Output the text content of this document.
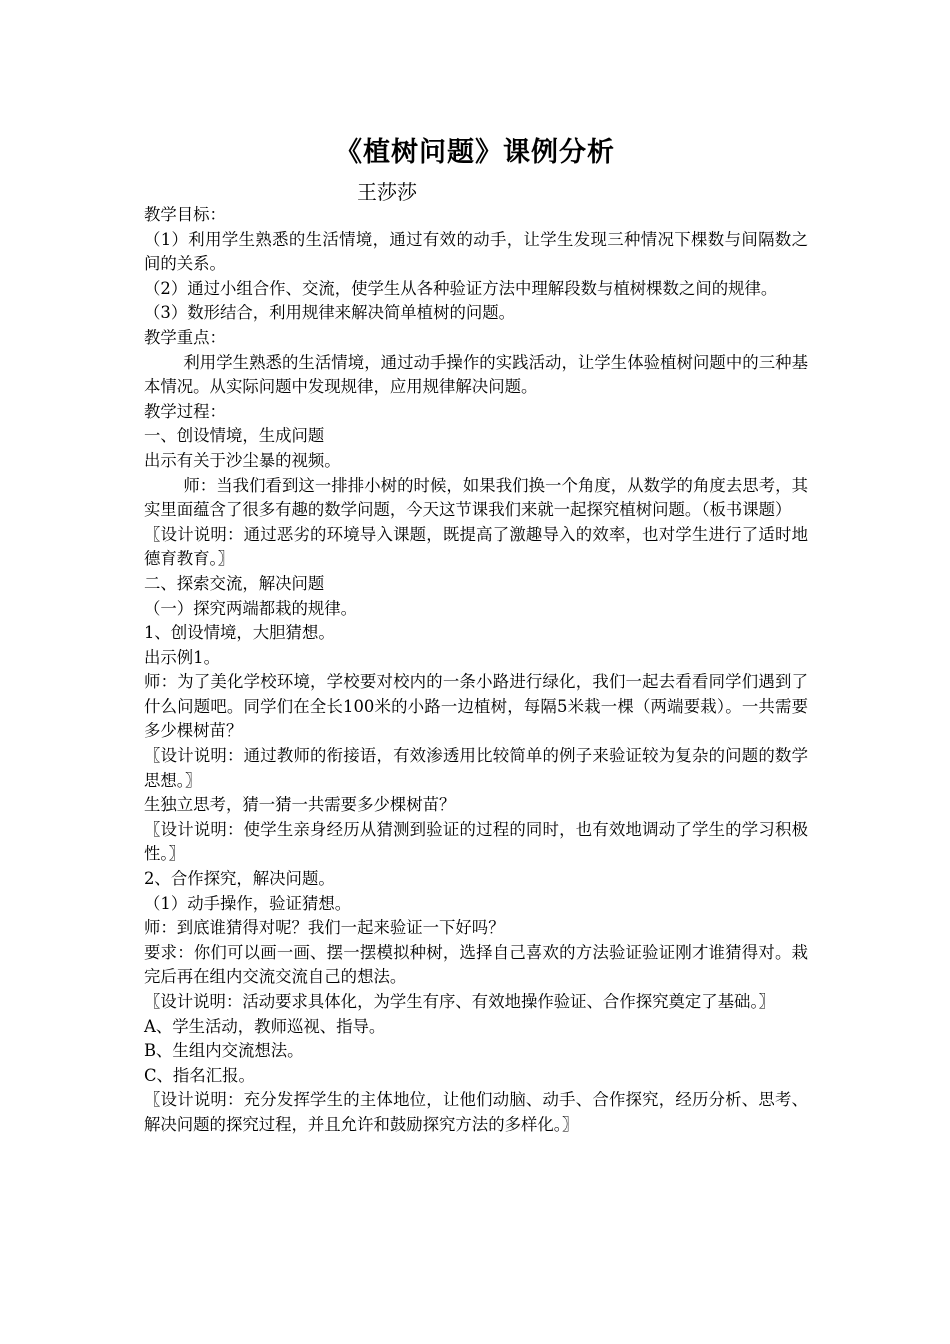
《植树问题》课例分析
王莎莎

教学目标：

（1）利用学生熟悉的生活情境，通过有效的动手，让学生发现三种情况下棵数与间隔数之间的关系。

（2）通过小组合作、交流，使学生从各种验证方法中理解段数与植树棵数之间的规律。

（3）数形结合，利用规律来解决简单植树的问题。

教学重点：

利用学生熟悉的生活情境，通过动手操作的实践活动，让学生体验植树问题中的三种基本情况。从实际问题中发现规律，应用规律解决问题。

教学过程：

一、创设情境，生成问题

出示有关于沙尘暴的视频。

师：当我们看到这一排排小树的时候，如果我们换一个角度，从数学的角度去思考，其实里面蕴含了很多有趣的数学问题，今天这节课我们来就一起探究植树问题。（板书课题）

〖设计说明：通过恶劣的环境导入课题，既提高了激趣导入的效率，也对学生进行了适时地德育教育。〗

二、探索交流，解决问题

（一）探究两端都栽的规律。

1、创设情境，大胆猜想。

出示例1。

师：为了美化学校环境，学校要对校内的一条小路进行绿化，我们一起去看看同学们遇到了什么问题吧。同学们在全长100米的小路一边植树，每隔5米栽一棵（两端要栽）。一共需要多少棵树苗？

〖设计说明：通过教师的衔接语，有效渗透用比较简单的例子来验证较为复杂的问题的数学思想。〗

生独立思考，猜一猜一共需要多少棵树苗？

〖设计说明：使学生亲身经历从猜测到验证的过程的同时，也有效地调动了学生的学习积极性。〗

2、合作探究，解决问题。

（1）动手操作，验证猜想。

师：到底谁猜得对呢？我们一起来验证一下好吗？

要求：你们可以画一画、摆一摆模拟种树，选择自己喜欢的方法验证验证刚才谁猜得对。栽完后再在组内交流交流自己的想法。

〖设计说明：活动要求具体化，为学生有序、有效地操作验证、合作探究奠定了基础。〗

A、学生活动，教师巡视、指导。

B、生组内交流想法。

C、指名汇报。

〖设计说明：充分发挥学生的主体地位，让他们动脑、动手、合作探究，经历分析、思考、解决问题的探究过程，并且允许和鼓励探究方法的多样化。〗
